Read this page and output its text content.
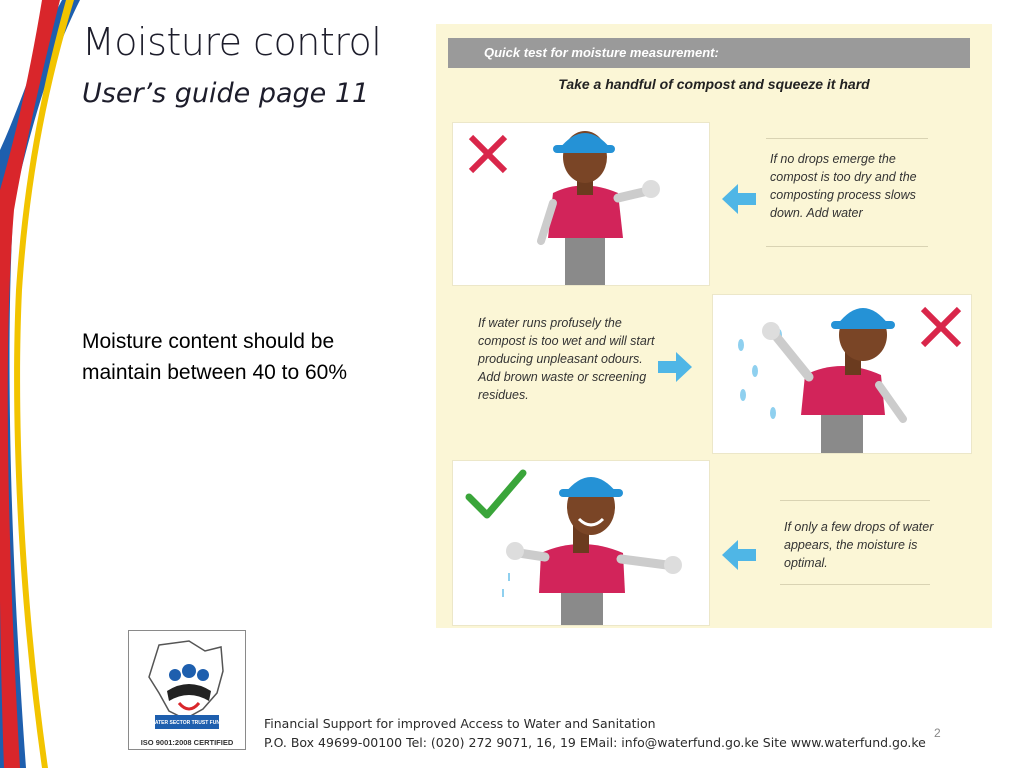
Moisture control
User’s guide page 11
Moisture content should be maintain between 40 to 60%
Quick test for moisture measurement:
Take a handful of compost and squeeze it hard
If no drops emerge the compost is too dry and the composting process slows down. Add water
If water runs profusely the compost is too wet and will start producing unpleasant odours. Add brown waste or screening residues.
If only a few drops of water appears, the moisture is optimal.
WATER SECTOR TRUST FUND
ISO 9001:2008 CERTIFIED
Financial Support for improved Access to Water and Sanitation
P.O. Box 49699-00100 Tel: (020) 272 9071, 16, 19 EMail: info@waterfund.go.ke Site www.waterfund.go.ke
2
